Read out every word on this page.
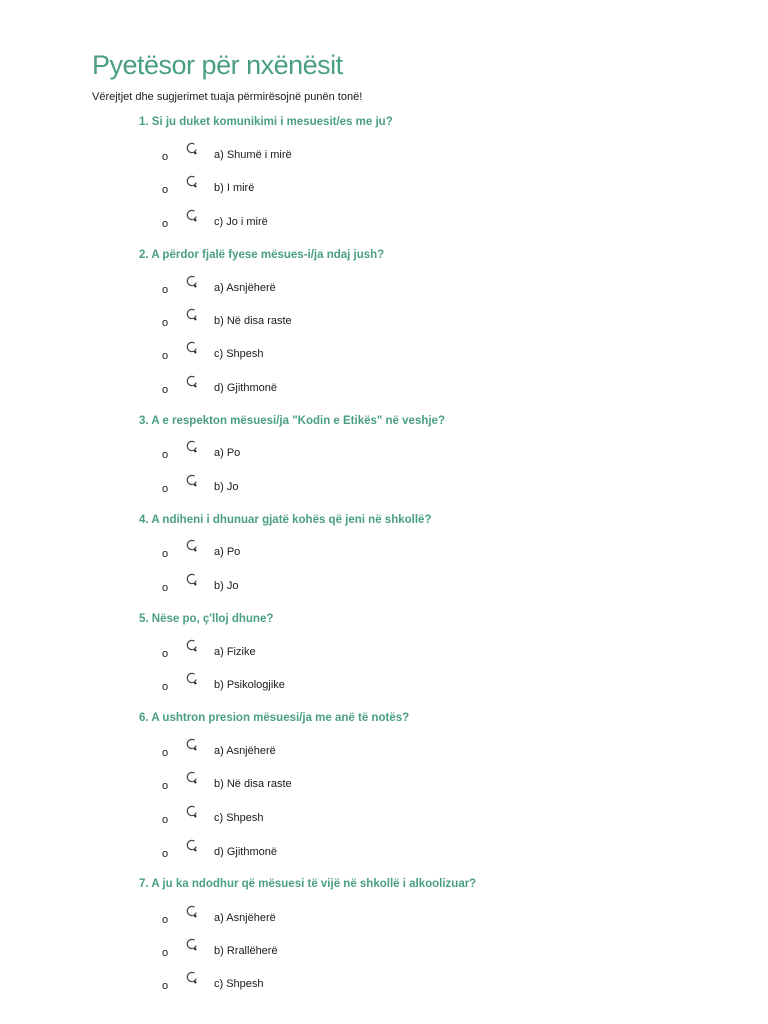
Pyetësor për nxënësit
Vërejtjet dhe sugjerimet tuaja përmirësojnë punën tonë!
1. Si ju duket komunikimi i mesuesit/es me ju?
o	a) Shumë i mirë
o	b) I mirë
o	c) Jo i mirë
2. A përdor fjalë fyese mësues-i/ja ndaj jush?
o	a) Asnjëherë
o	b) Në disa raste
o	c) Shpesh
o	d) Gjithmonë
3. A e respekton mësuesi/ja "Kodin e Etikës" në veshje?
o	a) Po
o	b) Jo
4. A ndiheni i dhunuar gjatë kohës që jeni në shkollë?
o	a) Po
o	b) Jo
5. Nëse po, ç'lloj dhune?
o	a) Fizike
o	b) Psikologjike
6. A ushtron presion mësuesi/ja me anë të notës?
o	a) Asnjëherë
o	b) Në disa raste
o	c) Shpesh
o	d) Gjithmonë
7. A ju ka ndodhur që mësuesi të vijë në shkollë i alkoolizuar?
o	a) Asnjëherë
o	b) Rrallëherë
o	c) Shpesh
